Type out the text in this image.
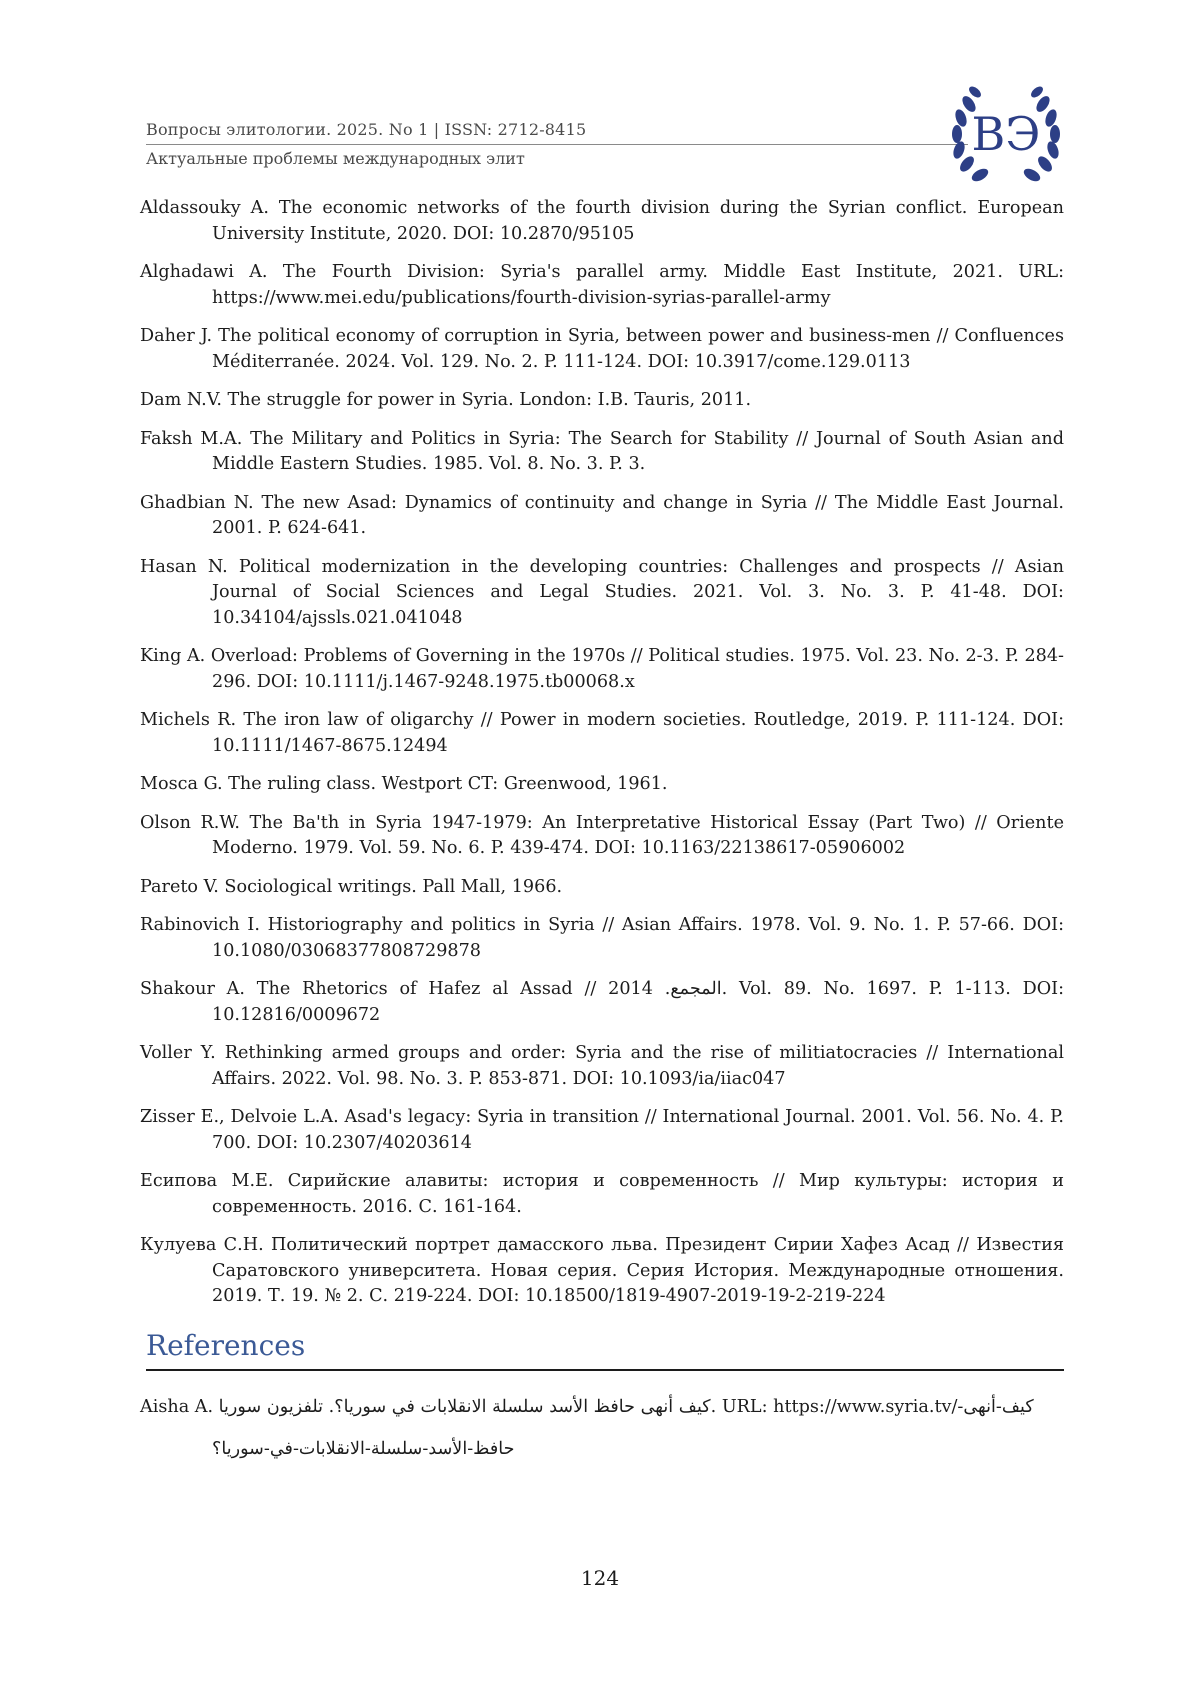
Вопросы элитологии. 2025. No 1 | ISSN: 2712-8415
Актуальные проблемы международных элит	ВЭ

Aldassouky A. The economic networks of the fourth division during the Syrian conflict. European University Institute, 2020. DOI: 10.2870/95105

Alghadawi A. The Fourth Division: Syria's parallel army. Middle East Institute, 2021. URL: https://www.mei.edu/publications/fourth-division-syrias-parallel-army

Daher J. The political economy of corruption in Syria, between power and business-men // Confluences Méditerranée. 2024. Vol. 129. No. 2. P. 111-124. DOI: 10.3917/come.129.0113

Dam N.V. The struggle for power in Syria. London: I.B. Tauris, 2011.

Faksh M.A. The Military and Politics in Syria: The Search for Stability // Journal of South Asian and Middle Eastern Studies. 1985. Vol. 8. No. 3. P. 3.

Ghadbian N. The new Asad: Dynamics of continuity and change in Syria // The Middle East Journal. 2001. P. 624-641.

Hasan N. Political modernization in the developing countries: Challenges and prospects // Asian Journal of Social Sciences and Legal Studies. 2021. Vol. 3. No. 3. P. 41-48. DOI: 10.34104/ajssls.021.041048

King A. Overload: Problems of Governing in the 1970s // Political studies. 1975. Vol. 23. No. 2-3. P. 284-296. DOI: 10.1111/j.1467-9248.1975.tb00068.x

Michels R. The iron law of oligarchy // Power in modern societies. Routledge, 2019. P. 111-124. DOI: 10.1111/1467-8675.12494

Mosca G. The ruling class. Westport CT: Greenwood, 1961.

Olson R.W. The Ba'th in Syria 1947-1979: An Interpretative Historical Essay (Part Two) // Oriente Moderno. 1979. Vol. 59. No. 6. P. 439-474. DOI: 10.1163/22138617-05906002

Pareto V. Sociological writings. Pall Mall, 1966.

Rabinovich I. Historiography and politics in Syria // Asian Affairs. 1978. Vol. 9. No. 1. P. 57-66. DOI: 10.1080/03068377808729878

Shakour A. The Rhetorics of Hafez al Assad // 2014 .المجمع. Vol. 89. No. 1697. P. 1-113. DOI: 10.12816/0009672

Voller Y. Rethinking armed groups and order: Syria and the rise of militiatocracies // International Affairs. 2022. Vol. 98. No. 3. P. 853-871. DOI: 10.1093/ia/iiac047

Zisser E., Delvoie L.A. Asad's legacy: Syria in transition // International Journal. 2001. Vol. 56. No. 4. P. 700. DOI: 10.2307/40203614

Есипова М.Е. Сирийские алавиты: история и современность // Мир культуры: история и современность. 2016. С. 161-164.

Кулуева С.Н. Политический портрет дамасского льва. Президент Сирии Хафез Асад // Известия Саратовского университета. Новая серия. Серия История. Международные отношения. 2019. Т. 19. № 2. С. 219-224. DOI: 10.18500/1819-4907-2019-19-2-219-224

References
Aisha A. كيف أنهى حافظ الأسد سلسلة الانقلابات في سوريا؟. تلفزيون سوريا. URL: https://www.syria.tv/-كيف-أنهى
حافظ-الأسد-سلسلة-الانقلابات-في-سوريا؟
124
